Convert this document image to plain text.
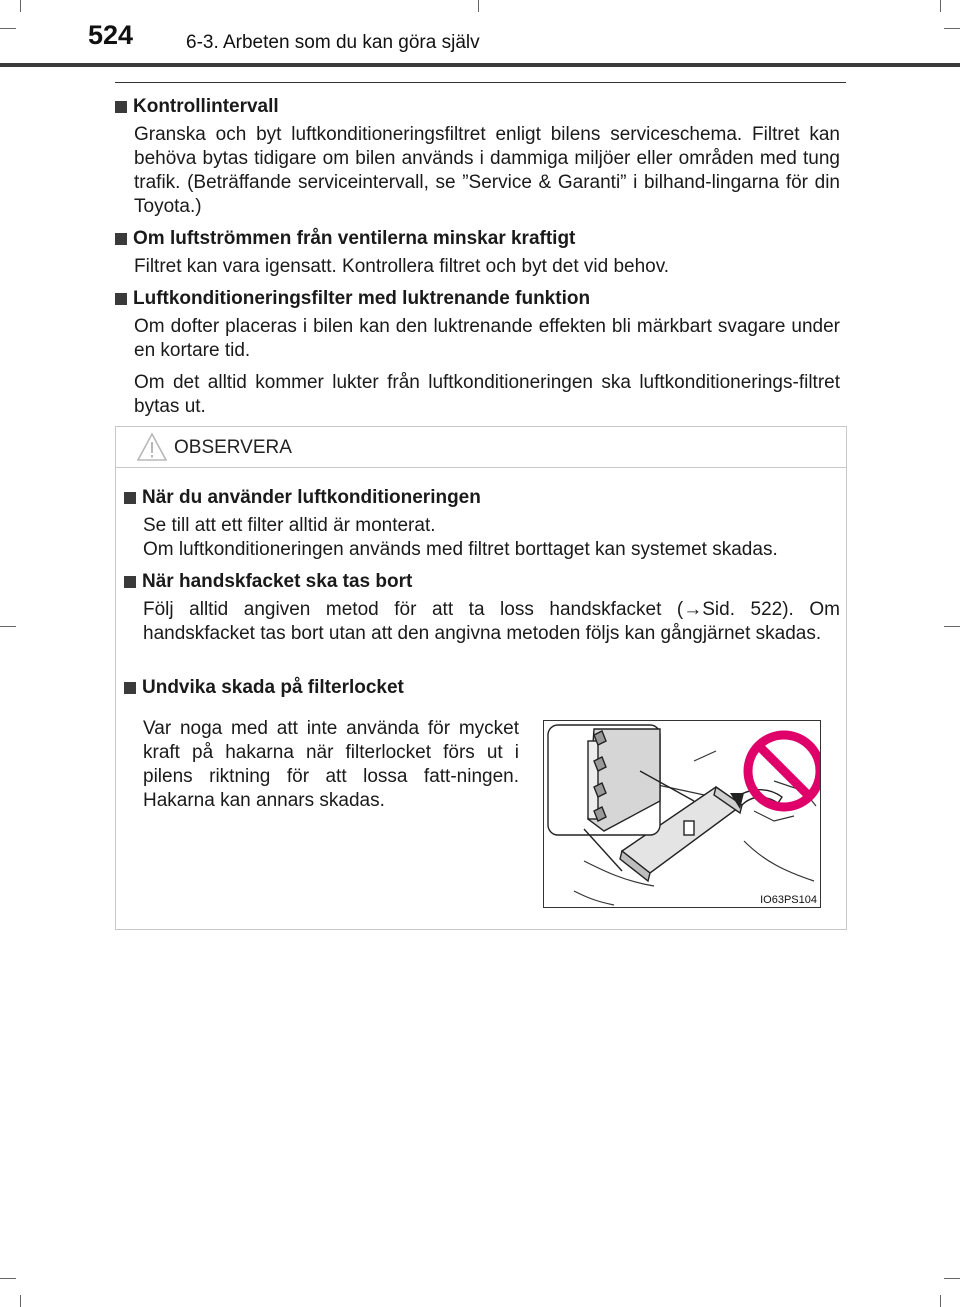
524	6-3. Arbeten som du kan göra själv
Kontrollintervall

Granska och byt luftkonditioneringsfiltret enligt bilens serviceschema. Filtret kan behöva bytas tidigare om bilen används i dammiga miljöer eller områden med tung trafik. (Beträffande serviceintervall, se ”Service & Garanti” i bilhand-lingarna för din Toyota.)

Om luftströmmen från ventilerna minskar kraftigt

Filtret kan vara igensatt. Kontrollera filtret och byt det vid behov.

Luftkonditioneringsfilter med luktrenande funktion

Om dofter placeras i bilen kan den luktrenande effekten bli märkbart svagare under en kortare tid.

Om det alltid kommer lukter från luftkonditioneringen ska luftkonditionerings-filtret bytas ut.

OBSERVERA
När du använder luftkonditioneringen

Se till att ett filter alltid är monterat.

Om luftkonditioneringen används med filtret borttaget kan systemet skadas.

När handskfacket ska tas bort

Följ alltid angiven metod för att ta loss handskfacket (→Sid. 522). Om handskfacket tas bort utan att den angivna metoden följs kan gångjärnet skadas.

Undvika skada på filterlocket
Var noga med att inte använda för mycket kraft på hakarna när filterlocket förs ut i pilens riktning för att lossa fatt-ningen. Hakarna kan annars skadas.
IO63PS104
